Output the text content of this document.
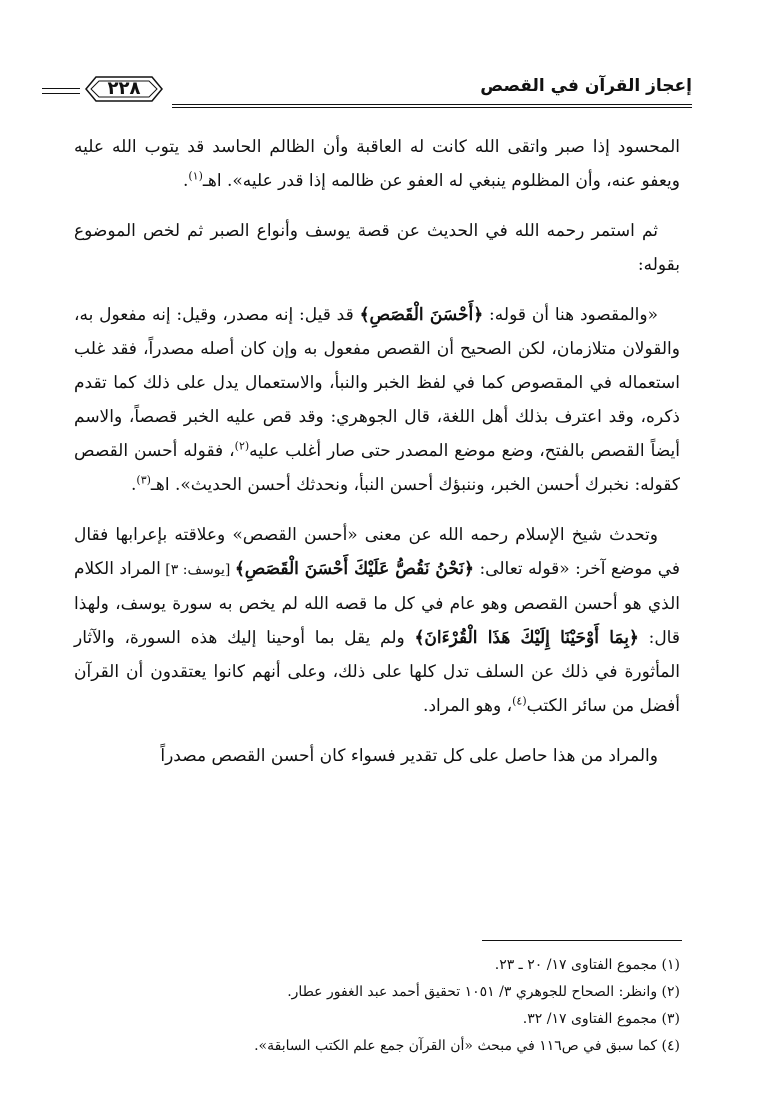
إعجاز القرآن في القصص
٢٢٨

المحسود إذا صبر واتقى الله كانت له العاقبة وأن الظالم الحاسد قد يتوب الله عليه ويعفو عنه، وأن المظلوم ينبغي له العفو عن ظالمه إذا قدر عليه». اهـ$^{(١)}$.

ثم استمر رحمه الله في الحديث عن قصة يوسف وأنواع الصبر ثم لخص الموضوع بقوله:

«والمقصود هنا أن قوله: ﴿أَحْسَنَ الْقَصَصِ﴾ قد قيل: إنه مصدر، وقيل: إنه مفعول به، والقولان متلازمان، لكن الصحيح أن القصص مفعول به وإن كان أصله مصدراً، فقد غلب استعماله في المقصوص كما في لفظ الخبر والنبأ، والاستعمال يدل على ذلك كما تقدم ذكره، وقد اعترف بذلك أهل اللغة، قال الجوهري: وقد قص عليه الخبر قصصاً، والاسم أيضاً القصص بالفتح، وضع موضع المصدر حتى صار أغلب عليه$^{(٢)}$، فقوله أحسن القصص كقوله: نخبرك أحسن الخبر، وننبؤك أحسن النبأ، ونحدثك أحسن الحديث». اهـ$^{(٣)}$.

وتحدث شيخ الإسلام رحمه الله عن معنى «أحسن القصص» وعلاقته بإعرابها فقال في موضع آخر: «قوله تعالى: ﴿نَحْنُ نَقُصُّ عَلَيْكَ أَحْسَنَ الْقَصَصِ﴾ [يوسف: ٣] المراد الكلام الذي هو أحسن القصص وهو عام في كل ما قصه الله لم يخص به سورة يوسف، ولهذا قال: ﴿بِمَا أَوْحَيْنَا إِلَيْكَ هَذَا الْقُرْءَانَ﴾ ولم يقل بما أوحينا إليك هذه السورة، والآثار المأثورة في ذلك عن السلف تدل كلها على ذلك، وعلى أنهم كانوا يعتقدون أن القرآن أفضل من سائر الكتب$^{(٤)}$، وهو المراد.

والمراد من هذا حاصل على كل تقدير فسواء كان أحسن القصص مصدراً

(١) مجموع الفتاوى ١٧/ ٢٠ ـ ٢٣.
(٢) وانظر: الصحاح للجوهري ٣/ ١٠٥١ تحقيق أحمد عبد الغفور عطار.
(٣) مجموع الفتاوى ١٧/ ٣٢.
(٤) كما سبق في ص١١٦ في مبحث «أن القرآن جمع علم الكتب السابقة».
